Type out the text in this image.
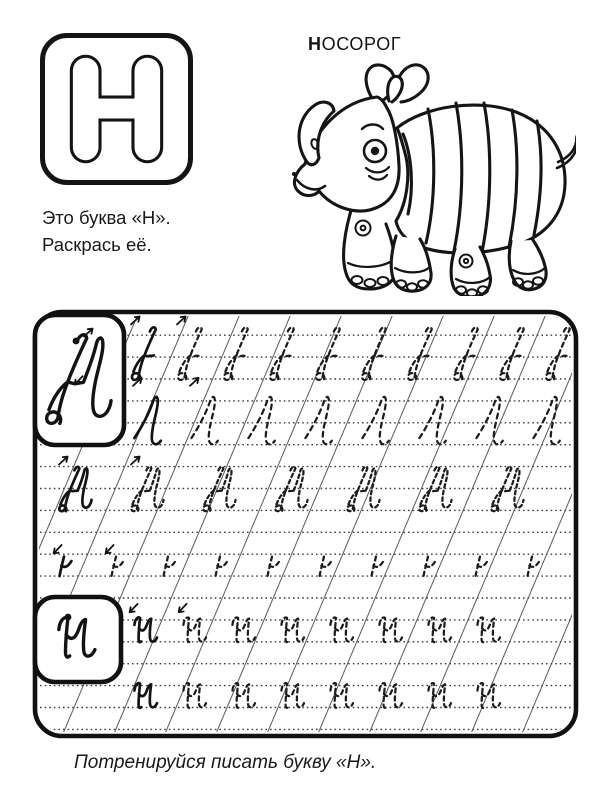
НОСОРОГ
Это буква «Н».
Раскрась её.
Потренируйся писать букву «Н».
